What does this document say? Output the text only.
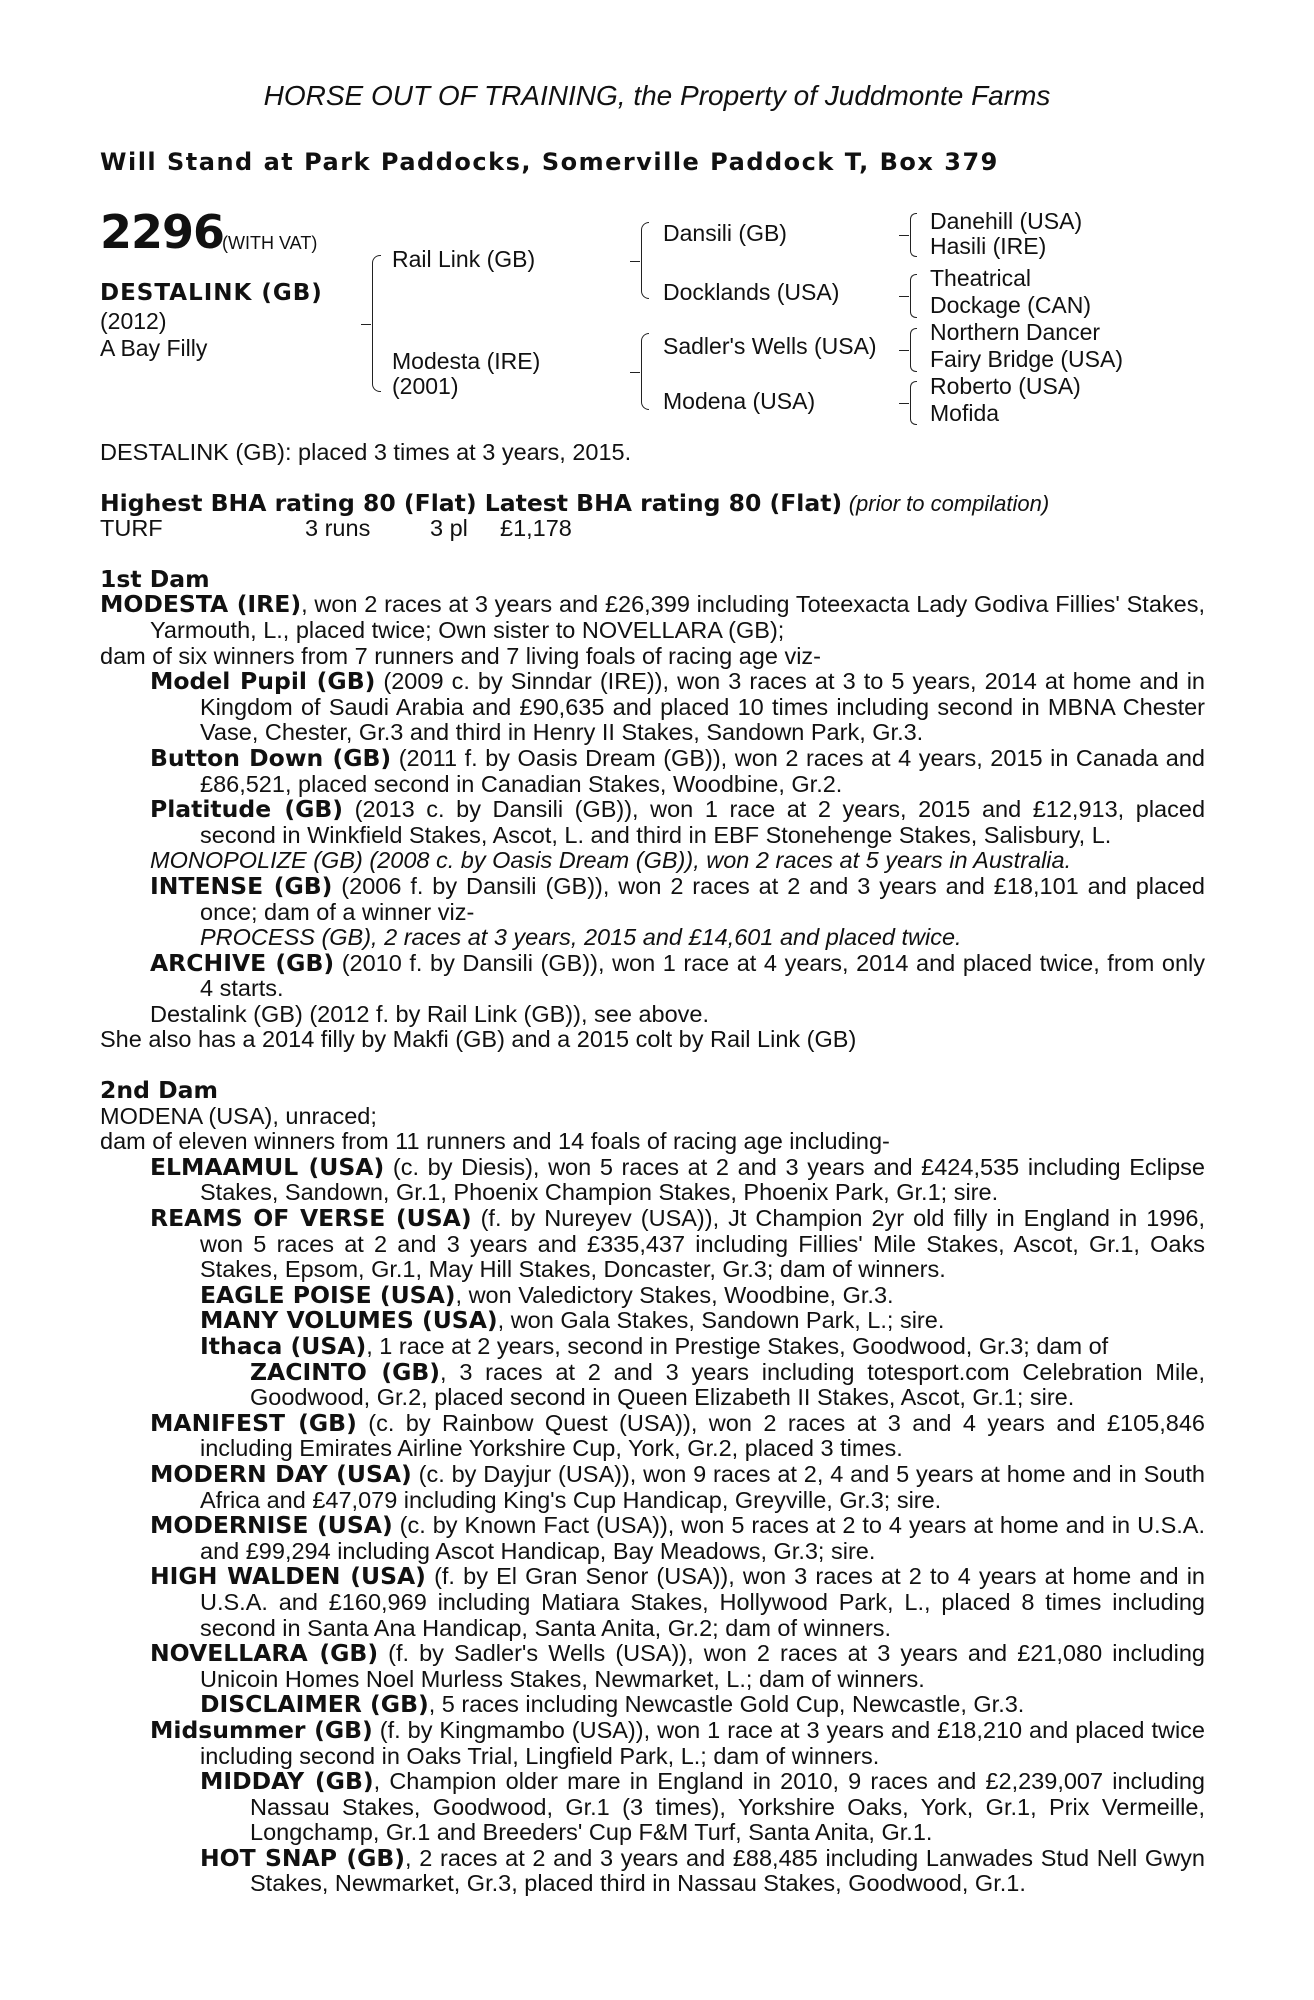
HORSE OUT OF TRAINING, the Property of Juddmonte Farms
Will Stand at Park Paddocks, Somerville Paddock T, Box 379
2296
(WITH VAT)
DESTALINK (GB)
(2012)
A Bay Filly
Rail Link (GB)
Modesta (IRE)
(2001)
Dansili (GB)
Docklands (USA)
Sadler's Wells (USA)
Modena (USA)
Danehill (USA)
Hasili (IRE)
Theatrical
Dockage (CAN)
Northern Dancer
Fairy Bridge (USA)
Roberto (USA)
Mofida

DESTALINK (GB): placed 3 times at 3 years, 2015.

Highest BHA rating 80 (Flat) Latest BHA rating 80 (Flat) (prior to compilation)

TURF	3 runs	3 pl £1,178

1st Dam

MODESTA (IRE), won 2 races at 3 years and £26,399 including Toteexacta Lady Godiva Fillies' Stakes, Yarmouth, L., placed twice; Own sister to NOVELLARA (GB);

dam of six winners from 7 runners and 7 living foals of racing age viz-

Model Pupil (GB) (2009 c. by Sinndar (IRE)), won 3 races at 3 to 5 years, 2014 at home and in Kingdom of Saudi Arabia and £90,635 and placed 10 times including second in MBNA Chester Vase, Chester, Gr.3 and third in Henry II Stakes, Sandown Park, Gr.3.

Button Down (GB) (2011 f. by Oasis Dream (GB)), won 2 races at 4 years, 2015 in Canada and £86,521, placed second in Canadian Stakes, Woodbine, Gr.2.

Platitude (GB) (2013 c. by Dansili (GB)), won 1 race at 2 years, 2015 and £12,913, placed second in Winkfield Stakes, Ascot, L. and third in EBF Stonehenge Stakes, Salisbury, L.

MONOPOLIZE (GB) (2008 c. by Oasis Dream (GB)), won 2 races at 5 years in Australia.

INTENSE (GB) (2006 f. by Dansili (GB)), won 2 races at 2 and 3 years and £18,101 and placed once; dam of a winner viz-

PROCESS (GB), 2 races at 3 years, 2015 and £14,601 and placed twice.

ARCHIVE (GB) (2010 f. by Dansili (GB)), won 1 race at 4 years, 2014 and placed twice, from only 4 starts.

Destalink (GB) (2012 f. by Rail Link (GB)), see above.

She also has a 2014 filly by Makfi (GB) and a 2015 colt by Rail Link (GB)

2nd Dam

MODENA (USA), unraced;

dam of eleven winners from 11 runners and 14 foals of racing age including-

ELMAAMUL (USA) (c. by Diesis), won 5 races at 2 and 3 years and £424,535 including Eclipse Stakes, Sandown, Gr.1, Phoenix Champion Stakes, Phoenix Park, Gr.1; sire.

REAMS OF VERSE (USA) (f. by Nureyev (USA)), Jt Champion 2yr old filly in England in 1996, won 5 races at 2 and 3 years and £335,437 including Fillies' Mile Stakes, Ascot, Gr.1, Oaks Stakes, Epsom, Gr.1, May Hill Stakes, Doncaster, Gr.3; dam of winners.

EAGLE POISE (USA), won Valedictory Stakes, Woodbine, Gr.3.

MANY VOLUMES (USA), won Gala Stakes, Sandown Park, L.; sire.

Ithaca (USA), 1 race at 2 years, second in Prestige Stakes, Goodwood, Gr.3; dam of

ZACINTO (GB), 3 races at 2 and 3 years including totesport.com Celebration Mile, Goodwood, Gr.2, placed second in Queen Elizabeth II Stakes, Ascot, Gr.1; sire.

MANIFEST (GB) (c. by Rainbow Quest (USA)), won 2 races at 3 and 4 years and £105,846 including Emirates Airline Yorkshire Cup, York, Gr.2, placed 3 times.

MODERN DAY (USA) (c. by Dayjur (USA)), won 9 races at 2, 4 and 5 years at home and in South Africa and £47,079 including King's Cup Handicap, Greyville, Gr.3; sire.

MODERNISE (USA) (c. by Known Fact (USA)), won 5 races at 2 to 4 years at home and in U.S.A. and £99,294 including Ascot Handicap, Bay Meadows, Gr.3; sire.

HIGH WALDEN (USA) (f. by El Gran Senor (USA)), won 3 races at 2 to 4 years at home and in U.S.A. and £160,969 including Matiara Stakes, Hollywood Park, L., placed 8 times including second in Santa Ana Handicap, Santa Anita, Gr.2; dam of winners.

NOVELLARA (GB) (f. by Sadler's Wells (USA)), won 2 races at 3 years and £21,080 including Unicoin Homes Noel Murless Stakes, Newmarket, L.; dam of winners.

DISCLAIMER (GB), 5 races including Newcastle Gold Cup, Newcastle, Gr.3.

Midsummer (GB) (f. by Kingmambo (USA)), won 1 race at 3 years and £18,210 and placed twice including second in Oaks Trial, Lingfield Park, L.; dam of winners.

MIDDAY (GB), Champion older mare in England in 2010, 9 races and £2,239,007 including Nassau Stakes, Goodwood, Gr.1 (3 times), Yorkshire Oaks, York, Gr.1, Prix Vermeille, Longchamp, Gr.1 and Breeders' Cup F&M Turf, Santa Anita, Gr.1.

HOT SNAP (GB), 2 races at 2 and 3 years and £88,485 including Lanwades Stud Nell Gwyn Stakes, Newmarket, Gr.3, placed third in Nassau Stakes, Goodwood, Gr.1.
